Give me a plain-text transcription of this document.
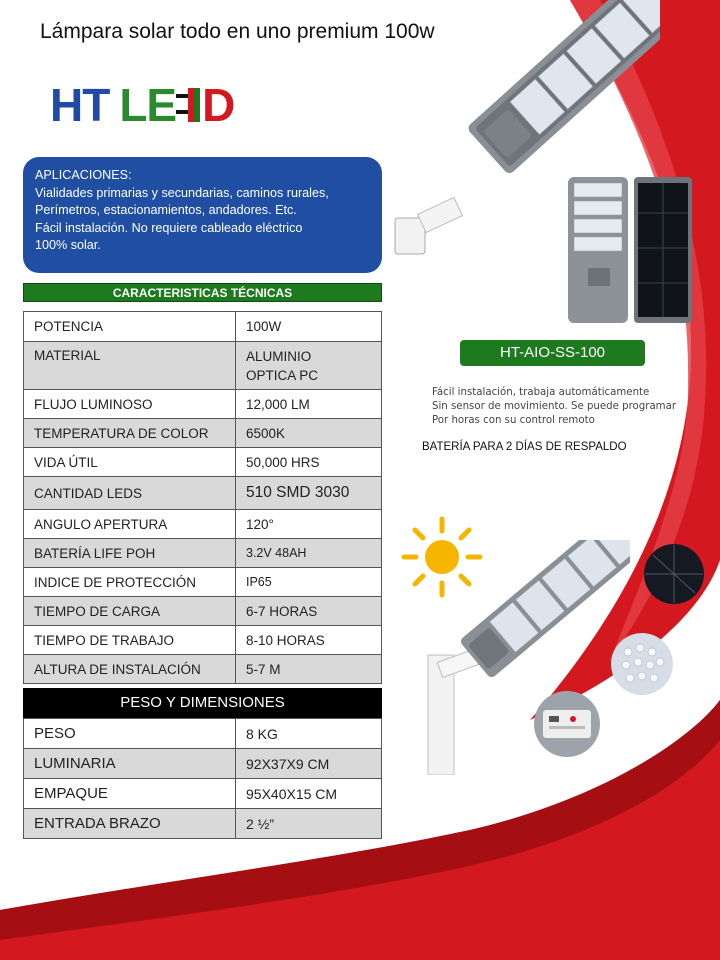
Lámpara solar todo en uno premium 100w
HT LE D
APLICACIONES:
Vialidades primarias y secundarias, caminos rurales,
Perímetros, estacionamientos, andadores. Etc.
Fácil instalación. No requiere cableado eléctrico
100% solar.
CARACTERISTICAS TÉCNICAS
POTENCIA	100W
MATERIAL	ALUMINIO
OPTICA PC

FLUJO LUMINOSO	12,000 LM
TEMPERATURA DE COLOR	6500K
VIDA ÚTIL	50,000 HRS
CANTIDAD LEDS	510 SMD 3030
ANGULO APERTURA	120°
BATERÍA LIFE POH	3.2V 48AH
INDICE DE PROTECCIÓN	IP65
TIEMPO DE CARGA	6-7 HORAS
TIEMPO DE TRABAJO	8-10 HORAS
ALTURA DE INSTALACIÓN	5-7 M
PESO Y DIMENSIONES
PESO	8 KG
LUMINARIA	92X37X9 CM
EMPAQUE	95X40X15 CM
ENTRADA BRAZO	2 ½”
HT-AIO-SS-100
Fácil instalación, trabaja automáticamente
Sin sensor de movimiento. Se puede programar
Por horas con su control remoto
BATERÍA PARA 2 DÍAS DE RESPALDO
